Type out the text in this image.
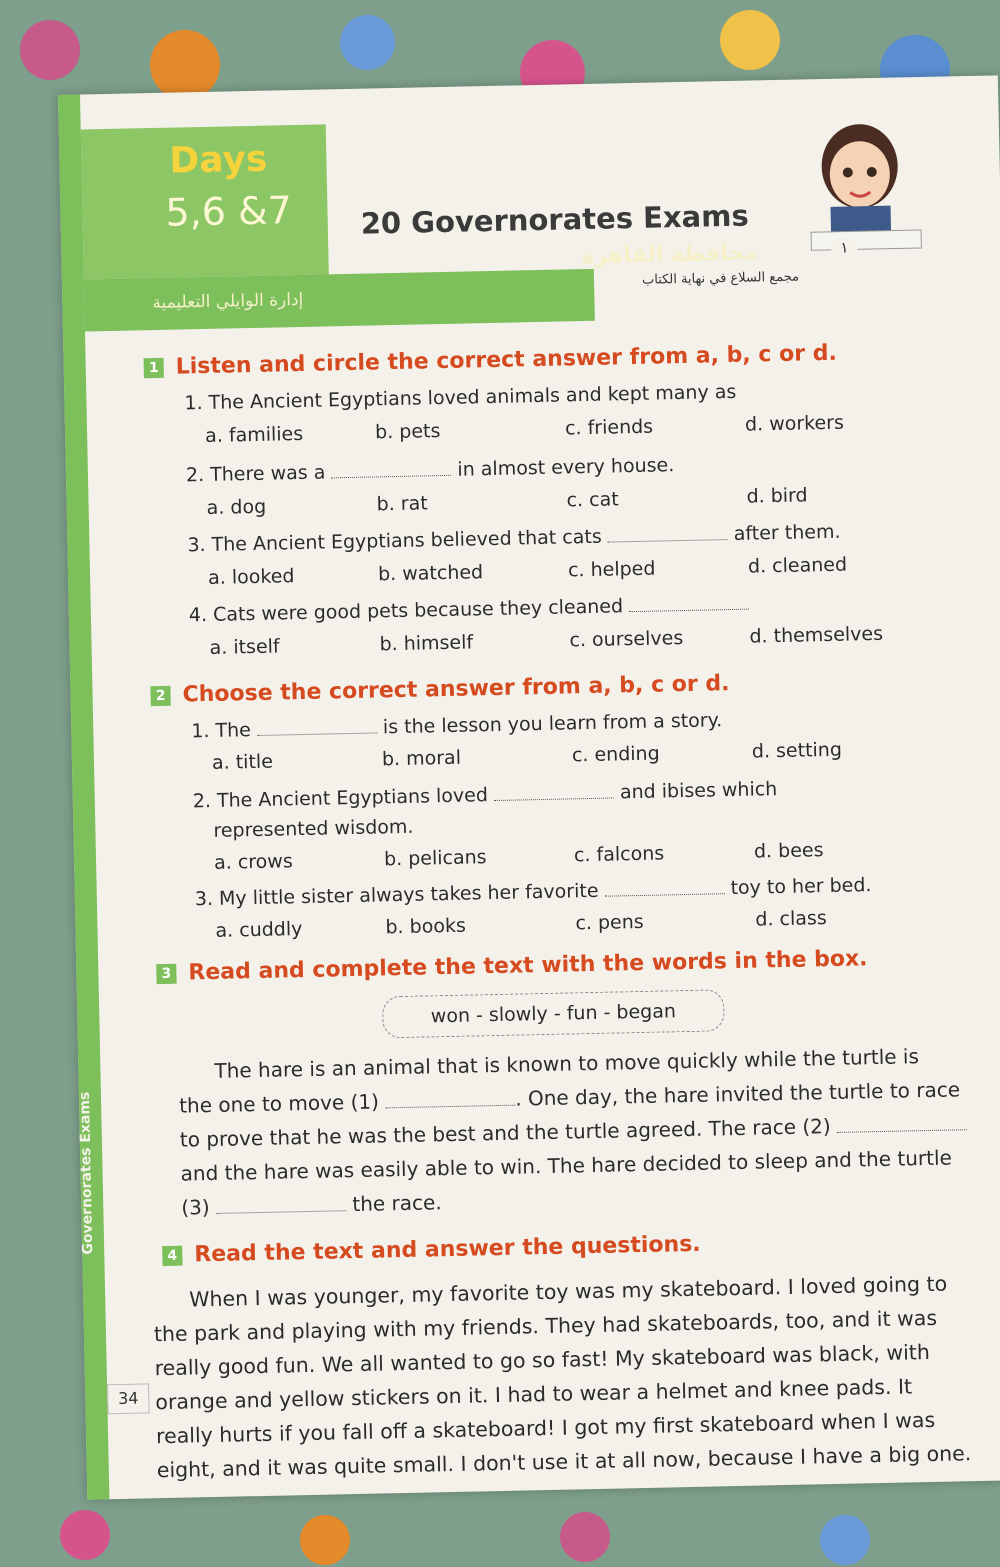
Days
5,6 &7 20 Governorates Exams
إدارة الوايلي التعليمية
محافظة القاهرة	١
مجمع السلاع في نهاية الكتاب
1 Listen and circle the correct answer from a, b, c or d.
1. The Ancient Egyptians loved animals and kept many as
a. families	b. pets	c. friends	d. workers
2. There was a	in almost every house.
a. dog	b. rat	c. cat	d. bird
3. The Ancient Egyptians believed that cats	after them.
a. looked	b. watched	c. helped	d. cleaned
4. Cats were good pets because they cleaned
a. itself	b. himself	c. ourselves	d. themselves
2 Choose the correct answer from a, b, c or d.
1. The	is the lesson you learn from a story.
a. title	b. moral	c. ending	d. setting
2. The Ancient Egyptians loved	and ibises which
represented wisdom.
a. crows	b. pelicans	c. falcons	d. bees
3. My little sister always takes her favorite	toy to her bed.
a. cuddly	b. books	c. pens	d. class
3 Read and complete the text with the words in the box.
won - slowly - fun - began
The hare is an animal that is known to move quickly while the turtle is
the one to move (1)	. One day, the hare invited the turtle to race
to prove that he was the best and the turtle agreed. The race (2)
and the hare was easily able to win. The hare decided to sleep and the turtle
(3)	the race.
4 Read the text and answer the questions.
When I was younger, my favorite toy was my skateboard. I loved going to
the park and playing with my friends. They had skateboards, too, and it was
really good fun. We all wanted to go so fast! My skateboard was black, with
orange and yellow stickers on it. I had to wear a helmet and knee pads. It
really hurts if you fall off a skateboard! I got my first skateboard when I was
eight, and it was quite small. I don't use it at all now, because I have a big one.
Governorates Exams
34
